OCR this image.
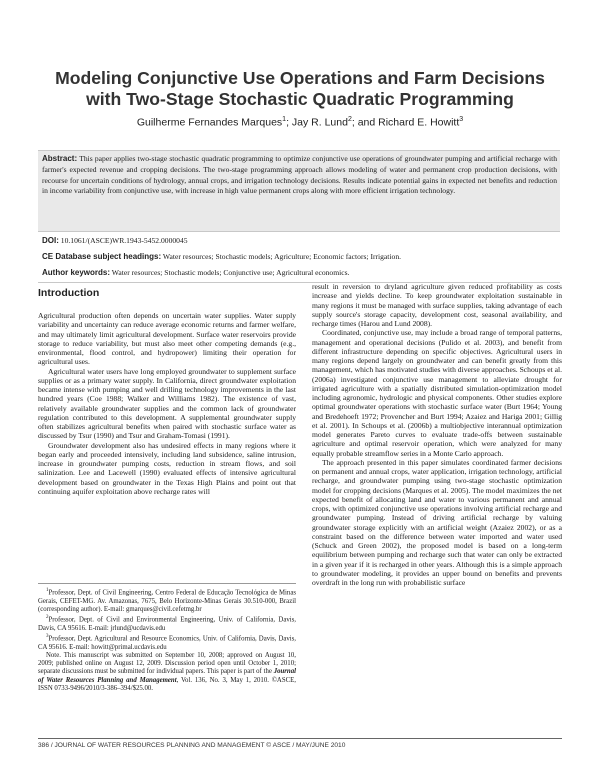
Modeling Conjunctive Use Operations and Farm Decisions
with Two-Stage Stochastic Quadratic Programming
Guilherme Fernandes Marques$^1$; Jay R. Lund$^2$; and Richard E. Howitt$^3$
Abstract: This paper applies two-stage stochastic quadratic programming to optimize conjunctive use operations of groundwater pumping and artificial recharge with farmer's expected revenue and cropping decisions. The two-stage programming approach allows modeling of water and permanent crop production decisions, with recourse for uncertain conditions of hydrology, annual crops, and irrigation technology decisions. Results indicate potential gains in expected net benefits and reduction in income variability from conjunctive use, with increase in high value permanent crops along with more efficient irrigation technology.
DOI: 10.1061/(ASCE)WR.1943-5452.0000045
CE Database subject headings: Water resources; Stochastic models; Agriculture; Economic factors; Irrigation.
Author keywords: Water resources; Stochastic models; Conjunctive use; Agricultural economics.
Introduction

Agricultural production often depends on uncertain water supplies. Water supply variability and uncertainty can reduce average economic returns and farmer welfare, and may ultimately limit agricultural development. Surface water reservoirs provide storage to reduce variability, but must also meet other competing demands (e.g., environmental, flood control, and hydropower) limiting their operation for agricultural uses.

Agricultural water users have long employed groundwater to supplement surface supplies or as a primary water supply. In California, direct groundwater exploitation became intense with pumping and well drilling technology improvements in the last hundred years (Coe 1988; Walker and Williams 1982). The existence of vast, relatively available groundwater supplies and the common lack of groundwater regulation contributed to this development. A supplemental groundwater supply often stabilizes agricultural benefits when paired with stochastic surface water as discussed by Tsur (1990) and Tsur and Graham-Tomasi (1991).

Groundwater development also has undesired effects in many regions where it began early and proceeded intensively, including land subsidence, saline intrusion, increase in groundwater pumping costs, reduction in stream flows, and soil salinization. Lee and Lacewell (1990) evaluated effects of intensive agricultural development based on groundwater in the Texas High Plains and point out that continuing aquifer exploitation above recharge rates will

$^1$Professor, Dept. of Civil Engineering, Centro Federal de Educação Tecnológica de Minas Gerais, CEFET-MG. Av. Amazonas, 7675, Belo Horizonte-Minas Gerais 30.510-000, Brazil (corresponding author). E-mail: gmarques@civil.cefetmg.br

$^2$Professor, Dept. of Civil and Environmental Engineering, Univ. of California, Davis, Davis, CA 95616. E-mail: jrlund@ucdavis.edu

$^3$Professor, Dept. Agricultural and Resource Economics, Univ. of California, Davis, Davis, CA 95616. E-mail: howitt@primal.ucdavis.edu

Note. This manuscript was submitted on September 10, 2008; approved on August 10, 2009; published online on August 12, 2009. Discussion period open until October 1, 2010; separate discussions must be submitted for individual papers. This paper is part of the Journal of Water Resources Planning and Management, Vol. 136, No. 3, May 1, 2010. ©ASCE, ISSN 0733-9496/2010/3-386–394/$25.00.

result in reversion to dryland agriculture given reduced profitability as costs increase and yields decline. To keep groundwater exploitation sustainable in many regions it must be managed with surface supplies, taking advantage of each supply source's storage capacity, development cost, seasonal availability, and recharge times (Harou and Lund 2008).

Coordinated, conjunctive use, may include a broad range of temporal patterns, management and operational decisions (Pulido et al. 2003), and benefit from different infrastructure depending on specific objectives. Agricultural users in many regions depend largely on groundwater and can benefit greatly from this management, which has motivated studies with diverse approaches. Schoups et al. (2006a) investigated conjunctive use management to alleviate drought for irrigated agriculture with a spatially distributed simulation-optimization model including agronomic, hydrologic and physical components. Other studies explore optimal groundwater operations with stochastic surface water (Burt 1964; Young and Bredehoeft 1972; Provencher and Burt 1994; Azaiez and Hariga 2001; Gillig et al. 2001). In Schoups et al. (2006b) a multiobjective interannual optimization model generates Pareto curves to evaluate trade-offs between sustainable agriculture and optimal reservoir operation, which were analyzed for many equally probable streamflow series in a Monte Carlo approach.

The approach presented in this paper simulates coordinated farmer decisions on permanent and annual crops, water application, irrigation technology, artificial recharge, and groundwater pumping using two-stage stochastic optimization model for cropping decisions (Marques et al. 2005). The model maximizes the net expected benefit of allocating land and water to various permanent and annual crops, with optimized conjunctive use operations involving artificial recharge and groundwater pumping. Instead of driving artificial recharge by valuing groundwater storage explicitly with an artificial weight (Azaiez 2002), or as a constraint based on the difference between water imported and water used (Schuck and Green 2002), the proposed model is based on a long-term equilibrium between pumping and recharge such that water can only be extracted in a given year if it is recharged in other years. Although this is a simple approach to groundwater modeling, it provides an upper bound on benefits and prevents overdraft in the long run with probabilistic surface

386 / JOURNAL OF WATER RESOURCES PLANNING AND MANAGEMENT © ASCE / MAY/JUNE 2010
